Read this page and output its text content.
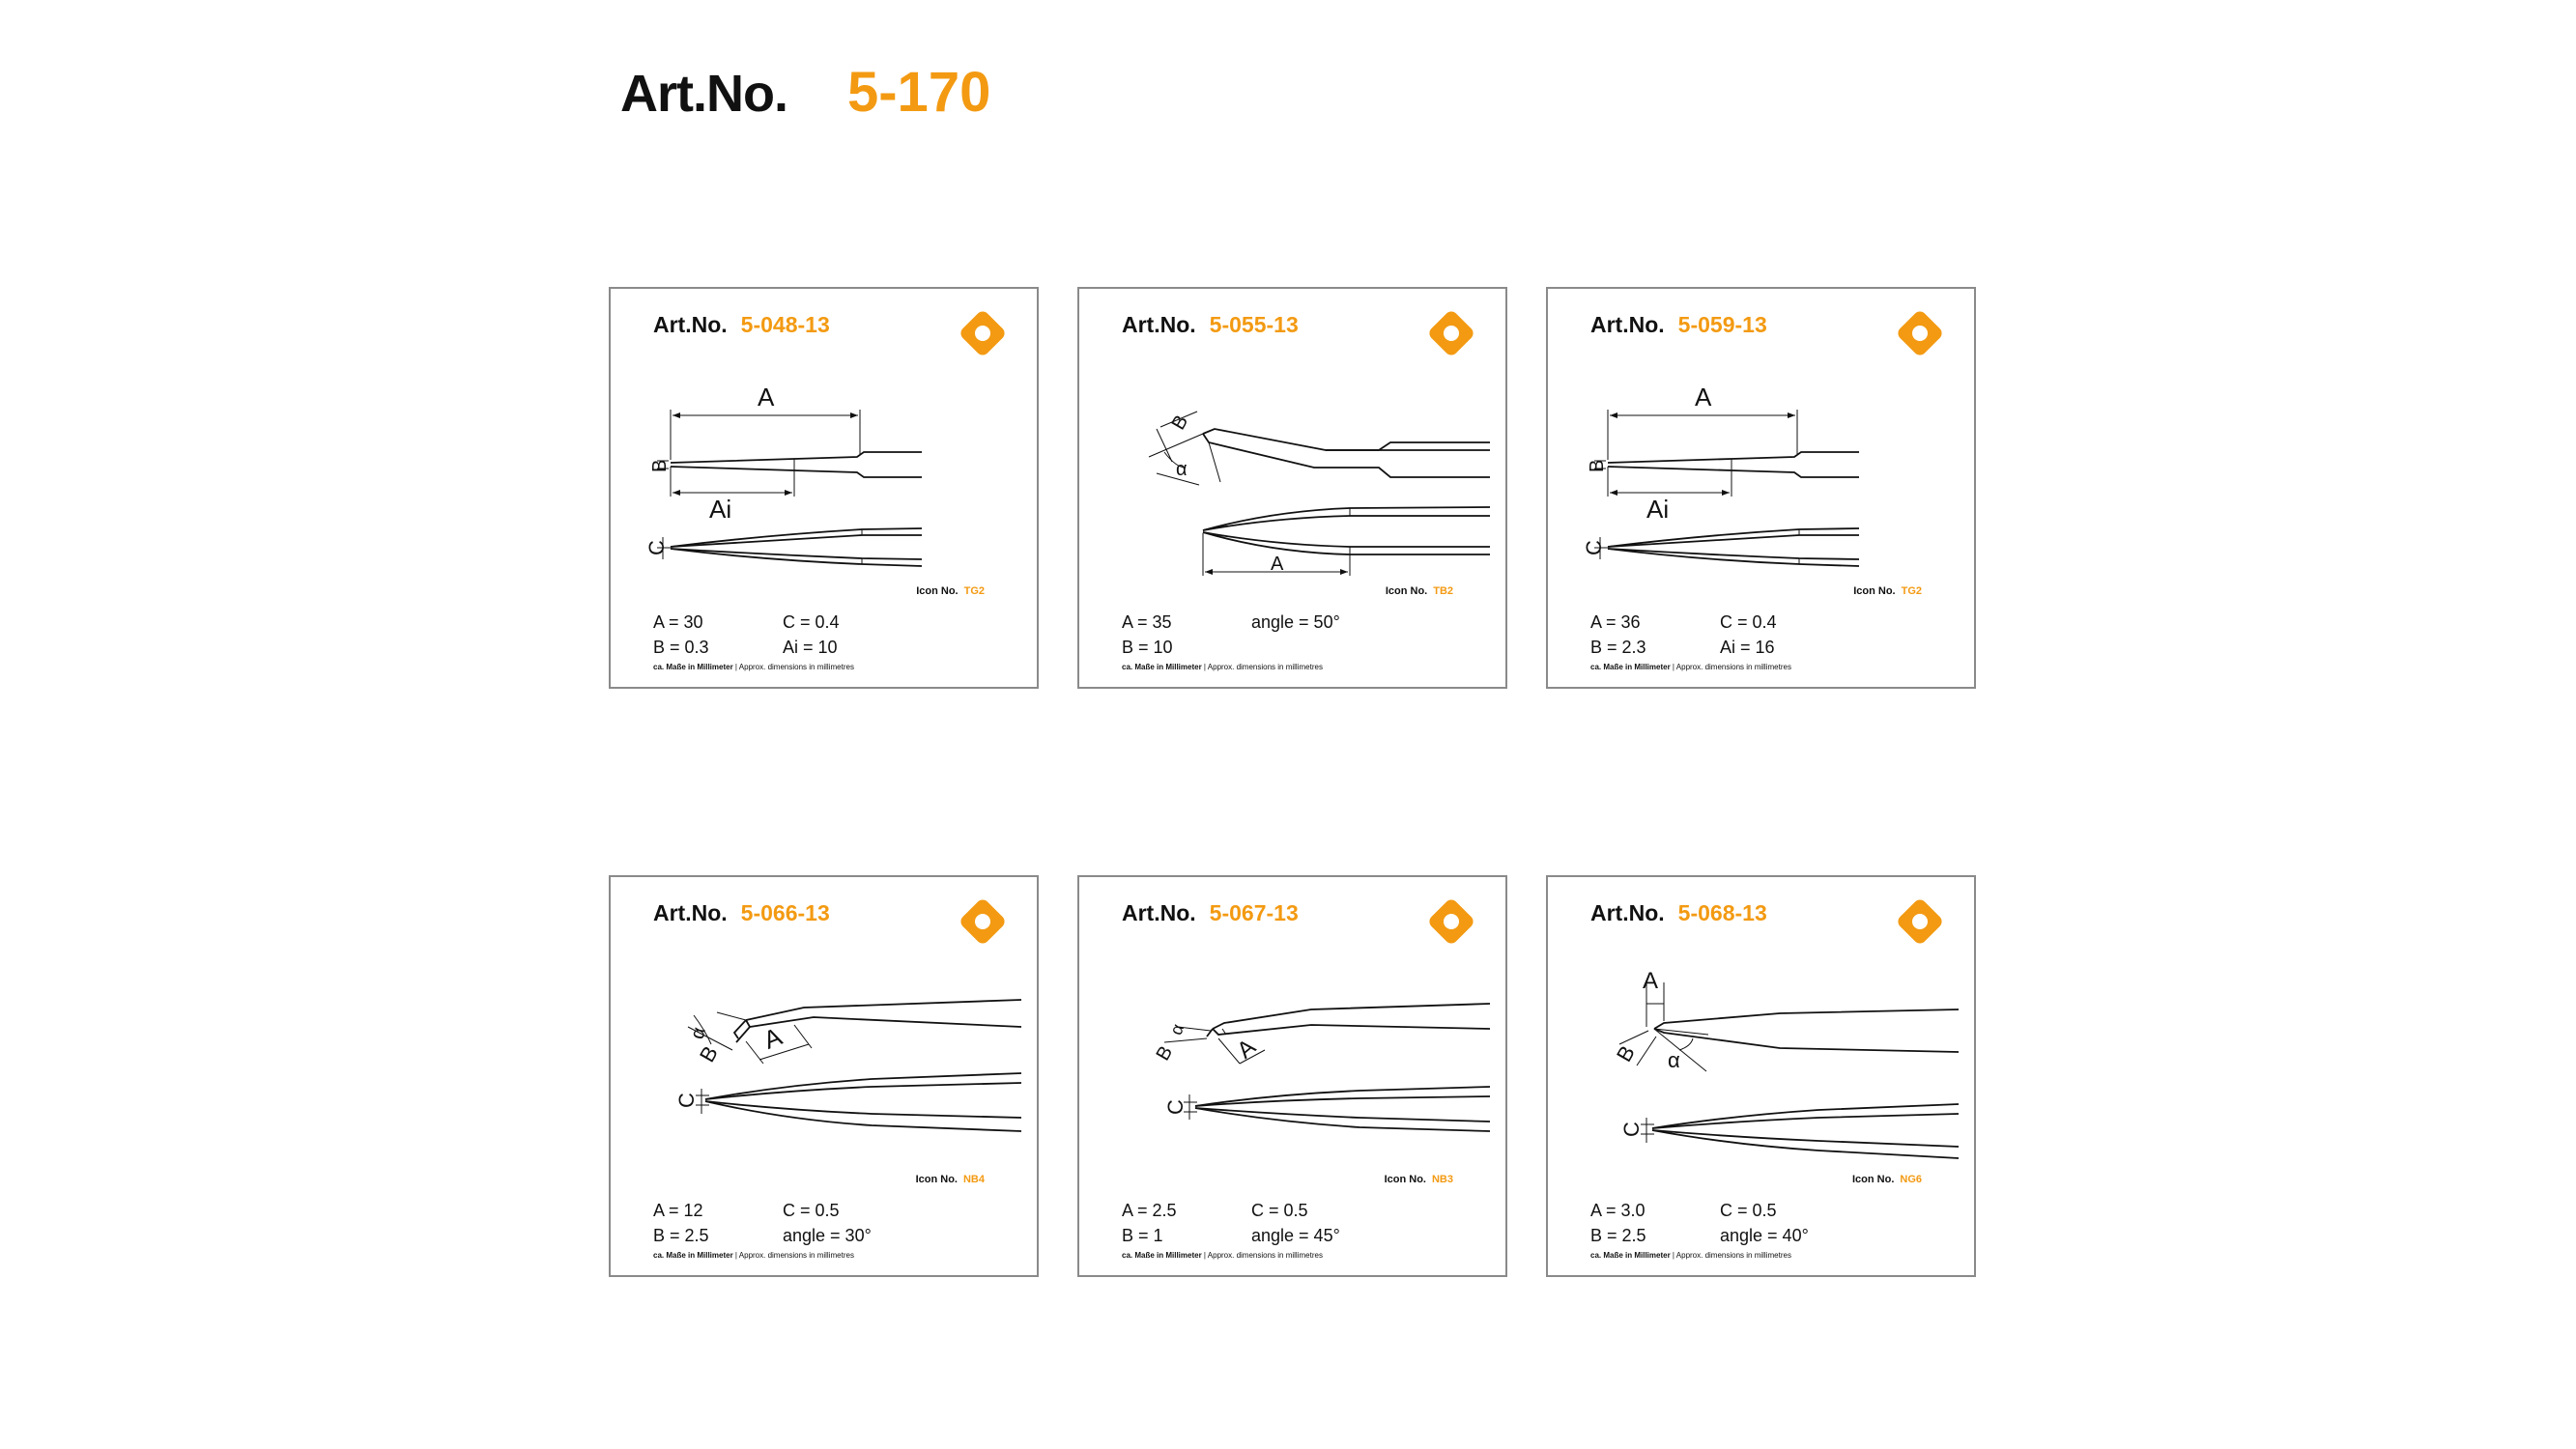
Art.No. 5-170
Art.No. 5-048-13
B
A
Ai
C
Icon No. TG2
A = 30	C = 0.4
B = 0.3	Ai = 10
ca. Maße in Millimeter | Approx. dimensions in millimetres
Art.No. 5-055-13
B
α
A
Icon No. TB2
A = 35	angle = 50°
B = 10
ca. Maße in Millimeter | Approx. dimensions in millimetres
Art.No. 5-059-13
B
A
Ai
C
Icon No. TG2
A = 36	C = 0.4
B = 2.3	Ai = 16
ca. Maße in Millimeter | Approx. dimensions in millimetres
Art.No. 5-066-13
α
B A
C
Icon No. NB4
A = 12	C = 0.5
B = 2.5	angle = 30°
ca. Maße in Millimeter | Approx. dimensions in millimetres
Art.No. 5-067-13
α
B A
C
Icon No. NB3
A = 2.5	C = 0.5
B = 1	angle = 45°
ca. Maße in Millimeter | Approx. dimensions in millimetres
Art.No. 5-068-13
A
B α
C
Icon No. NG6
A = 3.0	C = 0.5
B = 2.5	angle = 40°
ca. Maße in Millimeter | Approx. dimensions in millimetres
